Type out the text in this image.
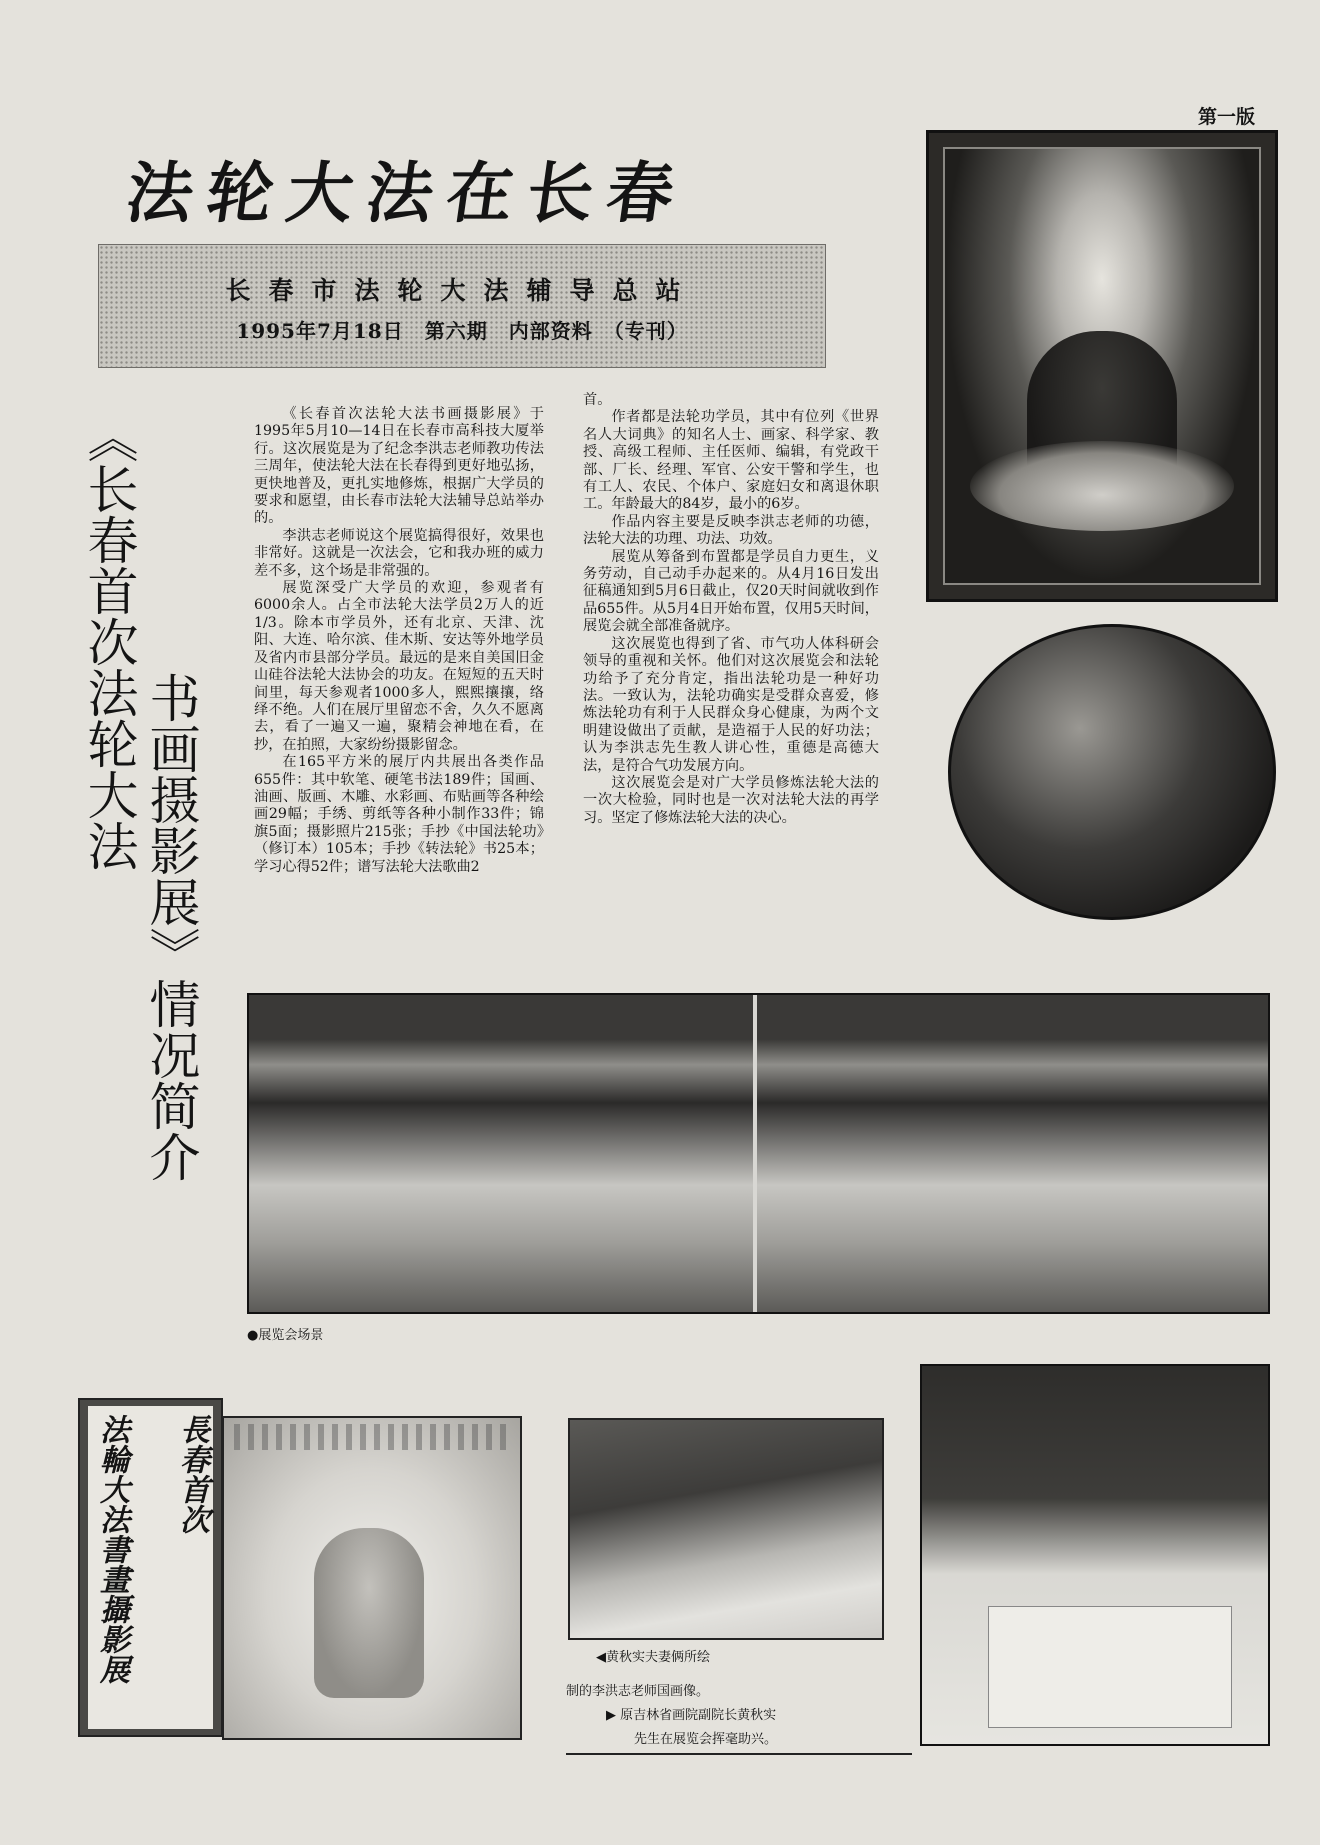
第一版
法轮大法在长春
长春市法轮大法辅导总站
1995年7月18日　第六期　内部资料　（专刊）
《长春首次法轮大法
书画摄影展》情况简介

《长春首次法轮大法书画摄影展》于1995年5月10—14日在长春市高科技大厦举行。这次展览是为了纪念李洪志老师教功传法三周年，使法轮大法在长春得到更好地弘扬，更快地普及，更扎实地修炼，根据广大学员的要求和愿望，由长春市法轮大法辅导总站举办的。

李洪志老师说这个展览搞得很好，效果也非常好。这就是一次法会，它和我办班的威力差不多，这个场是非常强的。

展览深受广大学员的欢迎，参观者有6000余人。占全市法轮大法学员2万人的近1/3。除本市学员外，还有北京、天津、沈阳、大连、哈尔滨、佳木斯、安达等外地学员及省内市县部分学员。最远的是来自美国旧金山硅谷法轮大法协会的功友。在短短的五天时间里，每天参观者1000多人，熙熙攘攘，络绎不绝。人们在展厅里留恋不舍，久久不愿离去，看了一遍又一遍，聚精会神地在看，在抄，在拍照，大家纷纷摄影留念。

在165平方米的展厅内共展出各类作品655件：其中软笔、硬笔书法189件；国画、油画、版画、木雕、水彩画、布贴画等各种绘画29幅；手绣、剪纸等各种小制作33件；锦旗5面；摄影照片215张；手抄《中国法轮功》（修订本）105本；手抄《转法轮》书25本；学习心得52件；谱写法轮大法歌曲2

首。

作者都是法轮功学员，其中有位列《世界名人大词典》的知名人士、画家、科学家、教授、高级工程师、主任医师、编辑，有党政干部、厂长、经理、军官、公安干警和学生，也有工人、农民、个体户、家庭妇女和离退休职工。年龄最大的84岁，最小的6岁。

作品内容主要是反映李洪志老师的功德，法轮大法的功理、功法、功效。

展览从筹备到布置都是学员自力更生，义务劳动，自己动手办起来的。从4月16日发出征稿通知到5月6日截止，仅20天时间就收到作品655件。从5月4日开始布置，仅用5天时间，展览会就全部准备就序。

这次展览也得到了省、市气功人体科研会领导的重视和关怀。他们对这次展览会和法轮功给予了充分肯定，指出法轮功是一种好功法。一致认为，法轮功确实是受群众喜爱，修炼法轮功有利于人民群众身心健康，为两个文明建设做出了贡献，是造福于人民的好功法；认为李洪志先生教人讲心性，重德是高德大法，是符合气功发展方向。

这次展览会是对广大学员修炼法轮大法的一次大检验，同时也是一次对法轮大法的再学习。坚定了修炼法轮大法的决心。

●展览会场景
長春首次
法輪大法書畫攝影展	◀黄秋实夫妻俩所绘
制的李洪志老师国画像。
▶ 原吉林省画院副院长黄秋实
先生在展览会挥毫助兴。
